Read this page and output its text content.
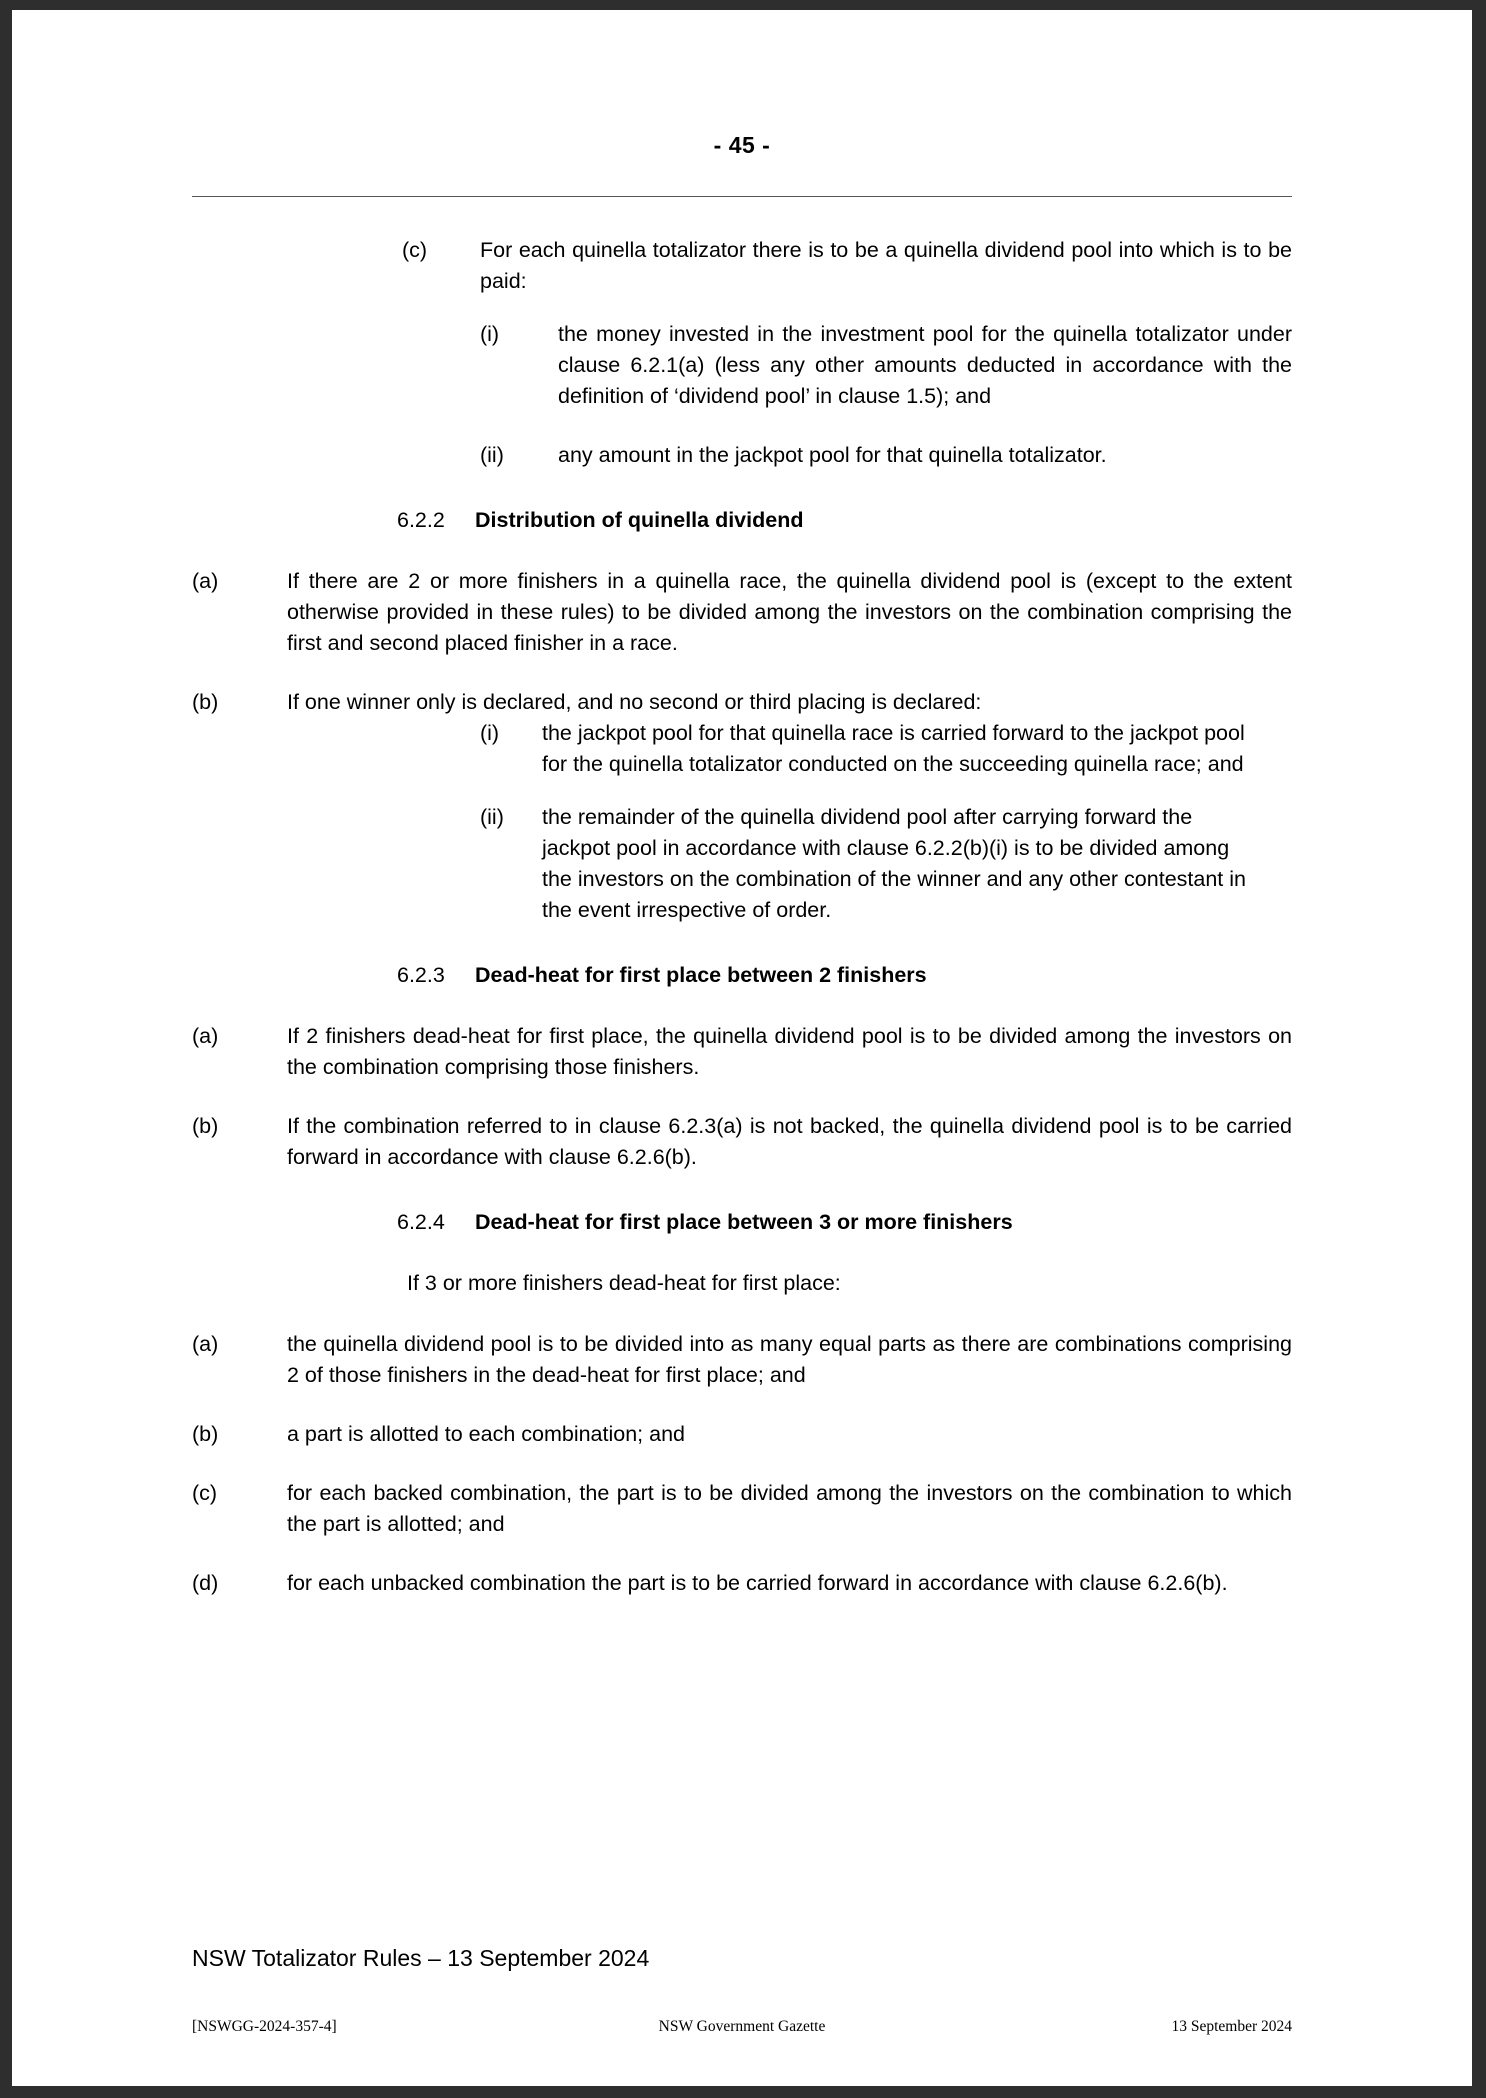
- 45 -
(c)	For each quinella totalizator there is to be a quinella dividend pool into which is to be paid:
(i)	the money invested in the investment pool for the quinella totalizator under clause 6.2.1(a) (less any other amounts deducted in accordance with the definition of ‘dividend pool’ in clause 1.5); and
(ii)	any amount in the jackpot pool for that quinella totalizator.
6.2.2	Distribution of quinella dividend
(a)	If there are 2 or more finishers in a quinella race, the quinella dividend pool is (except to the extent otherwise provided in these rules) to be divided among the investors on the combination comprising the first and second placed finisher in a race.
(b)	If one winner only is declared, and no second or third placing is declared:
(i)	the jackpot pool for that quinella race is carried forward to the jackpot pool for the quinella totalizator conducted on the succeeding quinella race; and
(ii)	the remainder of the quinella dividend pool after carrying forward the jackpot pool in accordance with clause 6.2.2(b)(i) is to be divided among the investors on the combination of the winner and any other contestant in the event irrespective of order.
6.2.3	Dead-heat for first place between 2 finishers
(a)	If 2 finishers dead-heat for first place, the quinella dividend pool is to be divided among the investors on the combination comprising those finishers.
(b)	If the combination referred to in clause 6.2.3(a) is not backed, the quinella dividend pool is to be carried forward in accordance with clause 6.2.6(b).
6.2.4	Dead-heat for first place between 3 or more finishers
If 3 or more finishers dead-heat for first place:
(a)	the quinella dividend pool is to be divided into as many equal parts as there are combinations comprising 2 of those finishers in the dead-heat for first place; and
(b)	a part is allotted to each combination; and
(c)	for each backed combination, the part is to be divided among the investors on the combination to which the part is allotted; and
(d)	for each unbacked combination the part is to be carried forward in accordance with clause 6.2.6(b).
NSW Totalizator Rules – 13 September 2024
[NSWGG-2024-357-4]	NSW Government Gazette	13 September 2024
